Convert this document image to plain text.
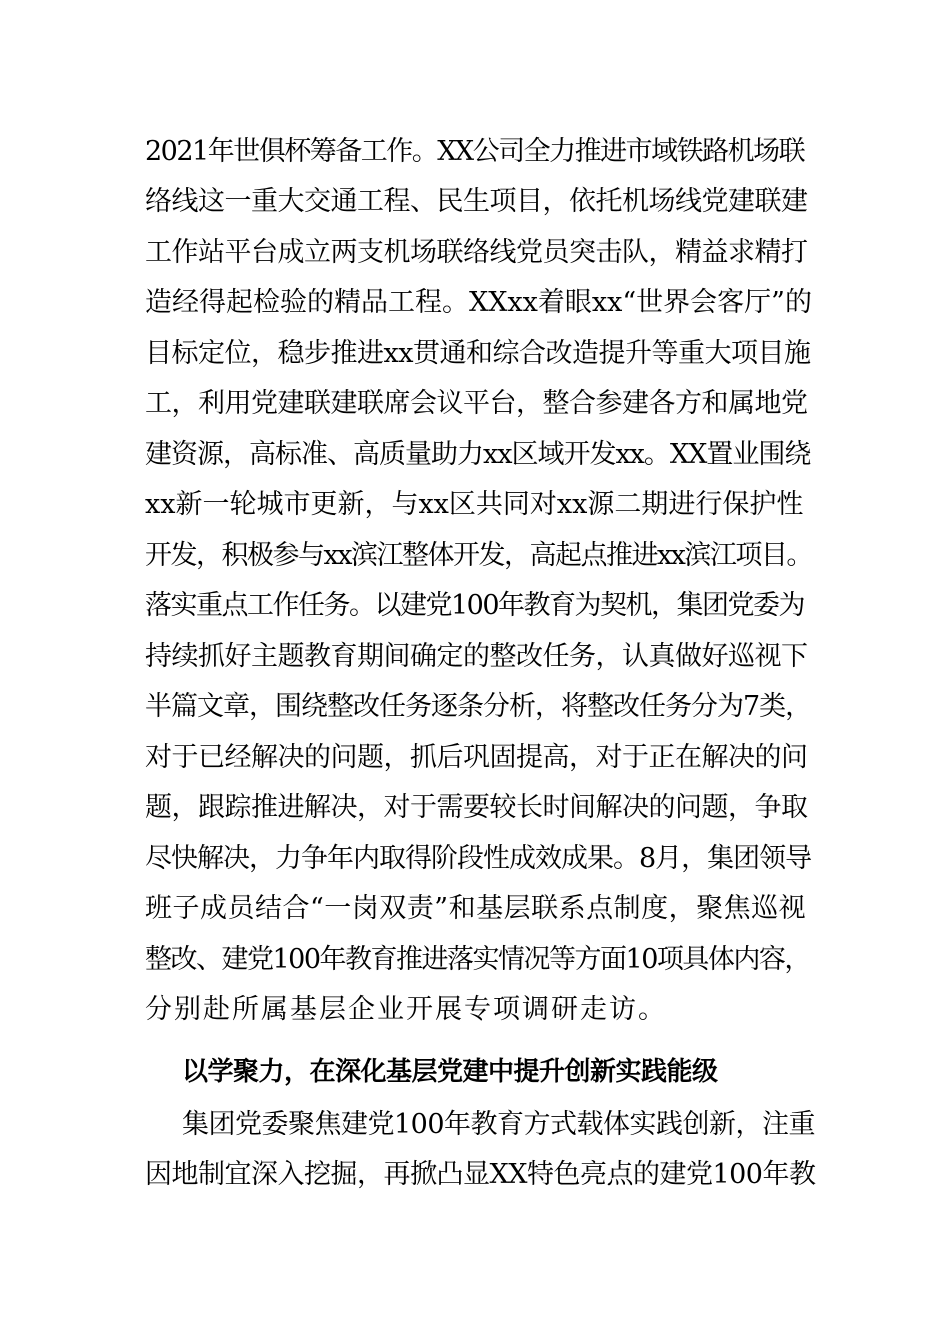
2021年世俱杯筹备工作。XX公司全力推进市域铁路机场联
络线这一重大交通工程、民生项目，依托机场线党建联建
工作站平台成立两支机场联络线党员突击队，精益求精打
造经得起检验的精品工程。XXxx着眼xx“世界会客厅”的
目标定位，稳步推进xx贯通和综合改造提升等重大项目施
工，利用党建联建联席会议平台，整合参建各方和属地党
建资源，高标准、高质量助力xx区域开发xx。XX置业围绕
xx新一轮城市更新，与xx区共同对xx源二期进行保护性
开发，积极参与xx滨江整体开发，高起点推进xx滨江项目。
落实重点工作任务。以建党100年教育为契机，集团党委为
持续抓好主题教育期间确定的整改任务，认真做好巡视下
半篇文章，围绕整改任务逐条分析，将整改任务分为7类，
对于已经解决的问题，抓后巩固提高，对于正在解决的问
题，跟踪推进解决，对于需要较长时间解决的问题，争取
尽快解决，力争年内取得阶段性成效成果。8月，集团领导
班子成员结合“一岗双责”和基层联系点制度，聚焦巡视
整改、建党100年教育推进落实情况等方面10项具体内容，
分别赴所属基层企业开展专项调研走访。
以学聚力，在深化基层党建中提升创新实践能级
集团党委聚焦建党100年教育方式载体实践创新，注重
因地制宜深入挖掘，再掀凸显XX特色亮点的建党100年教
